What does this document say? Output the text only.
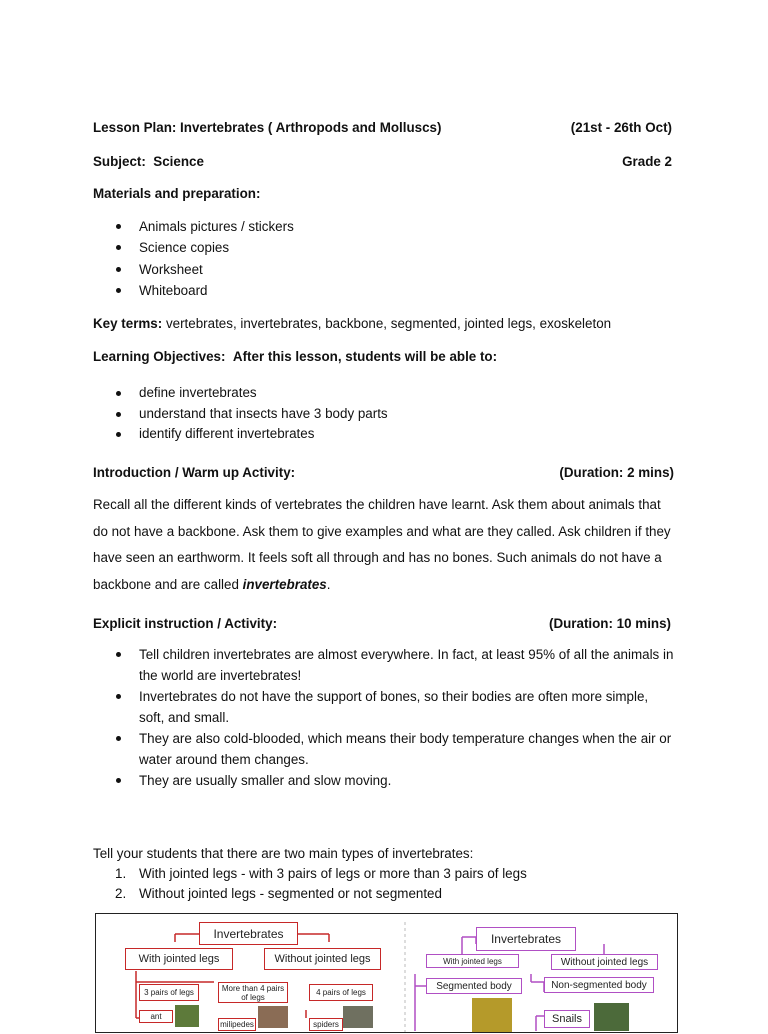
Lesson Plan: Invertebrates ( Arthropods and Molluscs)	(21st - 26th Oct)
Subject: Science	Grade 2
Materials and preparation:
Animals pictures / stickers
Science copies
Worksheet
Whiteboard
Key terms: vertebrates, invertebrates, backbone, segmented, jointed legs, exoskeleton
Learning Objectives: After this lesson, students will be able to:
define invertebrates
understand that insects have 3 body parts
identify different invertebrates
Introduction / Warm up Activity:	(Duration: 2 mins)
Recall all the different kinds of vertebrates the children have learnt. Ask them about animals that do not have a backbone. Ask them to give examples and what are they called. Ask children if they have seen an earthworm. It feels soft all through and has no bones. Such animals do not have a backbone and are called invertebrates.
Explicit instruction / Activity:	(Duration: 10 mins)
Tell children invertebrates are almost everywhere. In fact, at least 95% of all the animals in the world are invertebrates!
Invertebrates do not have the support of bones, so their bodies are often more simple, soft, and small.
They are also cold-blooded, which means their body temperature changes when the air or water around them changes.
They are usually smaller and slow moving.
Tell your students that there are two main types of invertebrates:
1. With jointed legs - with 3 pairs of legs or more than 3 pairs of legs
2. Without jointed legs - segmented or not segmented
Invertebrates
With jointed legs	Without jointed legs
3 pairs of legs	More than 4 pairs of legs	4 pairs of legs
ant
milipedes	spiders
Invertebrates
With jointed legs	Without jointed legs
Segmented body	Non-segmented body
Snails
